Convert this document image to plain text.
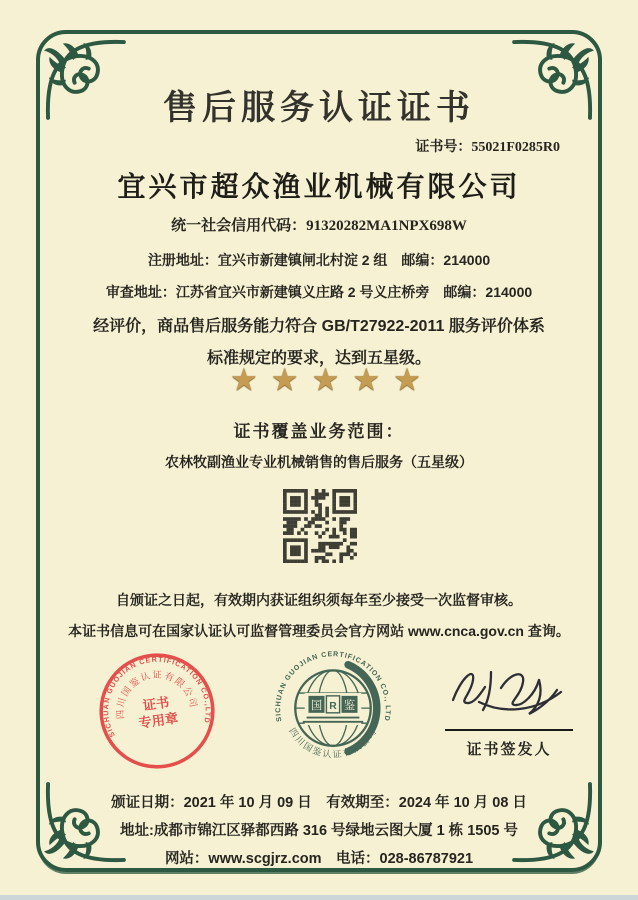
售后服务认证证书
证书号：55021F0285R0
宜兴市超众渔业机械有限公司
统一社会信用代码：91320282MA1NPX698W
注册地址：宜兴市新建镇闸北村淀 2 组　邮编：214000
审查地址：江苏省宜兴市新建镇义庄路 2 号义庄桥旁　邮编：214000
经评价，商品售后服务能力符合 GB/T27922-2011 服务评价体系
标准规定的要求，达到五星级。
★★★★★
证书覆盖业务范围：
农林牧副渔业专业机械销售的售后服务（五星级）
自颁证之日起，有效期内获证组织须每年至少接受一次监督审核。
本证书信息可在国家认证认可监督管理委员会官方网站 www.cnca.gov.cn 查询。
SICHUAN GUOJIAN CERTIFICATION CO.,LTD
四川国鉴认证有限公司
证书
专用章
国 R 鉴
SICHUAN GUOJIAN CERTIFICATION CO., LTD
四川国鉴认证有限公司
证书签发人
颁证日期：2021 年 10 月 09 日　有效期至：2024 年 10 月 08 日
地址:成都市锦江区驿都西路 316 号绿地云图大厦 1 栋 1505 号
网站：www.scgjrz.com　电话：028-86787921
